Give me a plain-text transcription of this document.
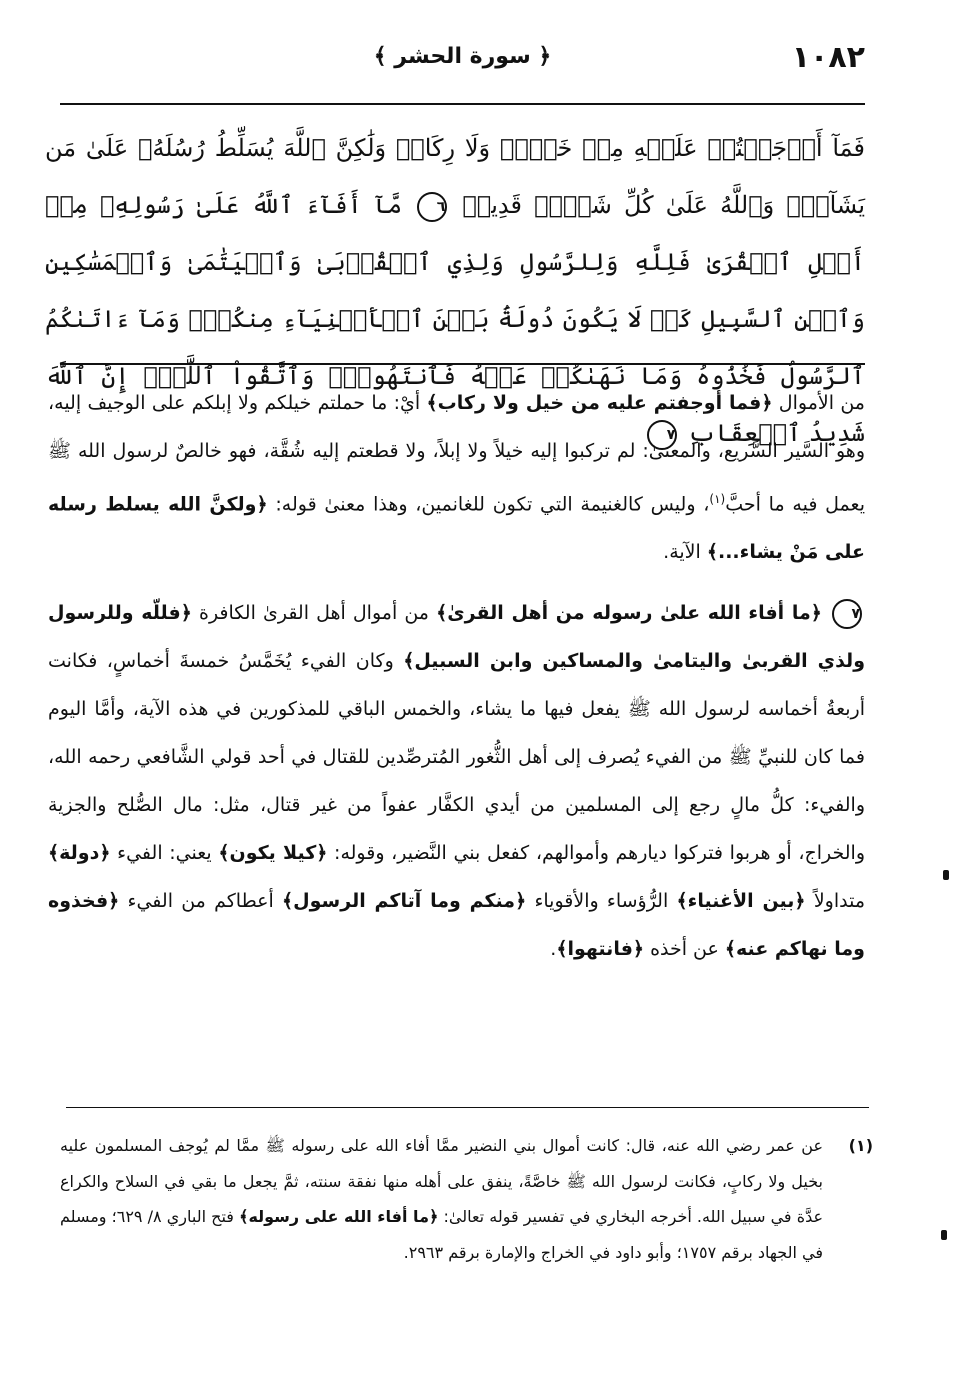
١٠٨٢
﴿ سورة الحشر ﴾
فَمَآ أَوۡجَفۡتُمۡ عَلَيۡهِ مِنۡ خَيۡلٖ وَلَا رِكَابٖ وَلَٰكِنَّ ٱللَّهَ يُسَلِّطُ رُسُلَهُۥ عَلَىٰ مَن يَشَآءُۚ وَٱللَّهُ عَلَىٰ كُلِّ شَيۡءٖ قَدِيرٞ ٦ مَّآ أَفَآءَ ٱللَّهُ عَلَىٰ رَسُولِهِۦ مِنۡ أَهۡلِ ٱلۡقُرَىٰ فَلِلَّهِ وَلِلرَّسُولِ وَلِذِي ٱلۡقُرۡبَىٰ وَٱلۡيَتَٰمَىٰ وَٱلۡمَسَٰكِينِ وَٱبۡنِ ٱلسَّبِيلِ كَيۡ لَا يَكُونَ دُولَةَۢ بَيۡنَ ٱلۡأَغۡنِيَآءِ مِنكُمۡۚ وَمَآ ءَاتَىٰكُمُ ٱلرَّسُولُ فَخُذُوهُ وَمَا نَهَىٰكُمۡ عَنۡهُ فَٱنتَهُواْۚ وَٱتَّقُواْ ٱللَّهَۖ إِنَّ ٱللَّهَ شَدِيدُ ٱلۡعِقَابِ ٧

من الأموال ﴿فما أوجفتم عليه من خيل ولا ركاب﴾ أيْ: ما حملتم خيلكم ولا إبلكم على الوجيف إليه، وهو السَّير السَّريع، والمعنىٰ: لم تركبوا إليه خيلاً ولا إبلاً، ولا قطعتم إليه شُقَّة، فهو خالصٌ لرسول الله ﷺ يعمل فيه ما أحبَّ$^{(١)}$، وليس كالغنيمة التي تكون للغانمين، وهذا معنىٰ قوله: ﴿ولكنَّ الله يسلط رسله على مَنْ يشاء...﴾ الآية.

٧ ﴿ما أفاء الله علىٰ رسوله من أهل القرىٰ﴾ من أموال أهل القرىٰ الكافرة ﴿فللّه وللرسول ولذي القربىٰ واليتامىٰ والمساكين وابن السبيل﴾ وكان الفيء يُخَمَّسُ خمسةَ أخماسٍ، فكانت أربعةُ أخماسه لرسول الله ﷺ يفعل فيها ما يشاء، والخمس الباقي للمذكورين في هذه الآية، وأمَّا اليوم فما كان للنبيِّ ﷺ من الفيء يُصرف إلى أهل الثُّغور المُترصِّدين للقتال في أحد قولي الشَّافعي رحمه الله، والفيء: كلُّ مالٍ رجع إلى المسلمين من أيدي الكفَّار عفواً من غير قتال، مثل: مال الصُّلح والجزية والخراج، أو هربوا فتركوا ديارهم وأموالهم، كفعل بني النَّضير، وقوله: ﴿كيلا يكون﴾ يعني: الفيء ﴿دولة﴾ متداولاً ﴿بين الأغنياء﴾ الرُّؤساء والأقوياء ﴿منكم وما آتاكم الرسول﴾ أعطاكم من الفيء ﴿فخذوه وما نهاكم عنه﴾ عن أخذه ﴿فانتهوا﴾.

(١)
عن عمر رضي الله عنه، قال: كانت أموال بني النضير ممَّا أفاء الله على رسوله ﷺ ممَّا لم يُوجف المسلمون عليه بخيل ولا ركابٍ، فكانت لرسول الله ﷺ خاصَّةً، ينفق على أهله منها نفقة سنته، ثمَّ يجعل ما بقي في السلاح والكراع عدَّة في سبيل الله. أخرجه البخاري في تفسير قوله تعالىٰ: ﴿ما أفاء الله على رسوله﴾ فتح الباري ٨/ ٦٢٩؛ ومسلم في الجهاد برقم ١٧٥٧؛ وأبو داود في الخراج والإمارة برقم ٢٩٦٣.
